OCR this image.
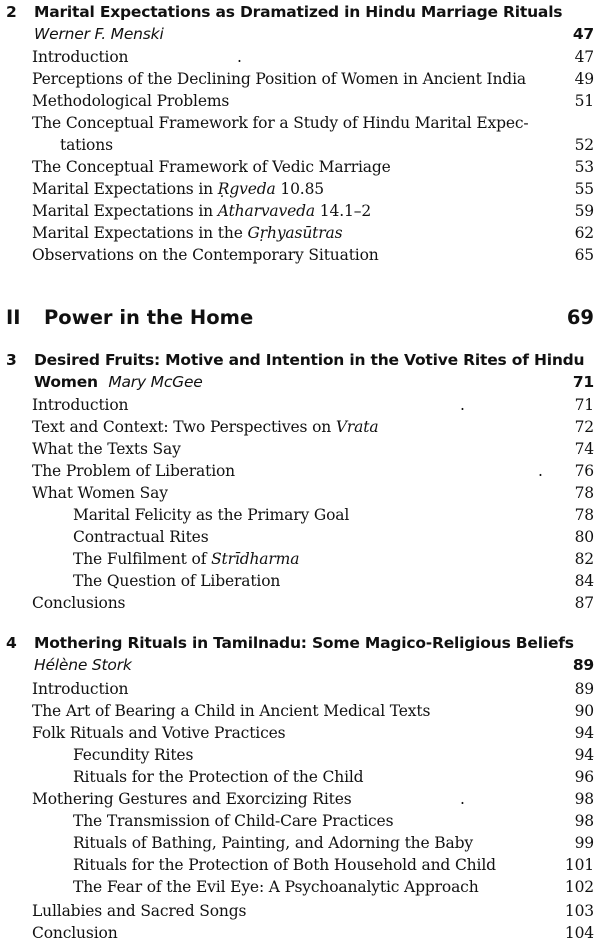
2 Marital Expectations as Dramatized in Hindu Marriage Rituals
Werner F. Menski	47
Introduction	.	47
Perceptions of the Declining Position of Women in Ancient India	49
Methodological Problems	51
The Conceptual Framework for a Study of Hindu Marital Expec-
tations	52
The Conceptual Framework of Vedic Marriage	53
Marital Expectations in Ṛgveda 10.85	55
Marital Expectations in Atharvaveda 14.1–2	59
Marital Expectations in the Gṛhyasūtras	62
Observations on the Contemporary Situation	65
II Power in the Home	69
3 Desired Fruits: Motive and Intention in the Votive Rites of Hindu
Women Mary McGee	71
Introduction	.	71
Text and Context: Two Perspectives on Vrata	72
What the Texts Say	74
The Problem of Liberation	. 76
What Women Say	78
Marital Felicity as the Primary Goal	78
Contractual Rites	80
The Fulfilment of Strīdharma	82
The Question of Liberation	84
Conclusions	87
4 Mothering Rituals in Tamilnadu: Some Magico-Religious Beliefs
Hélène Stork	89
Introduction	89
The Art of Bearing a Child in Ancient Medical Texts	90
Folk Rituals and Votive Practices	94
Fecundity Rites	94
Rituals for the Protection of the Child	96
Mothering Gestures and Exorcizing Rites	.	98
The Transmission of Child-Care Practices	98
Rituals of Bathing, Painting, and Adorning the Baby	99
Rituals for the Protection of Both Household and Child	101
The Fear of the Evil Eye: A Psychoanalytic Approach	102
Lullabies and Sacred Songs	103
Conclusion	104
